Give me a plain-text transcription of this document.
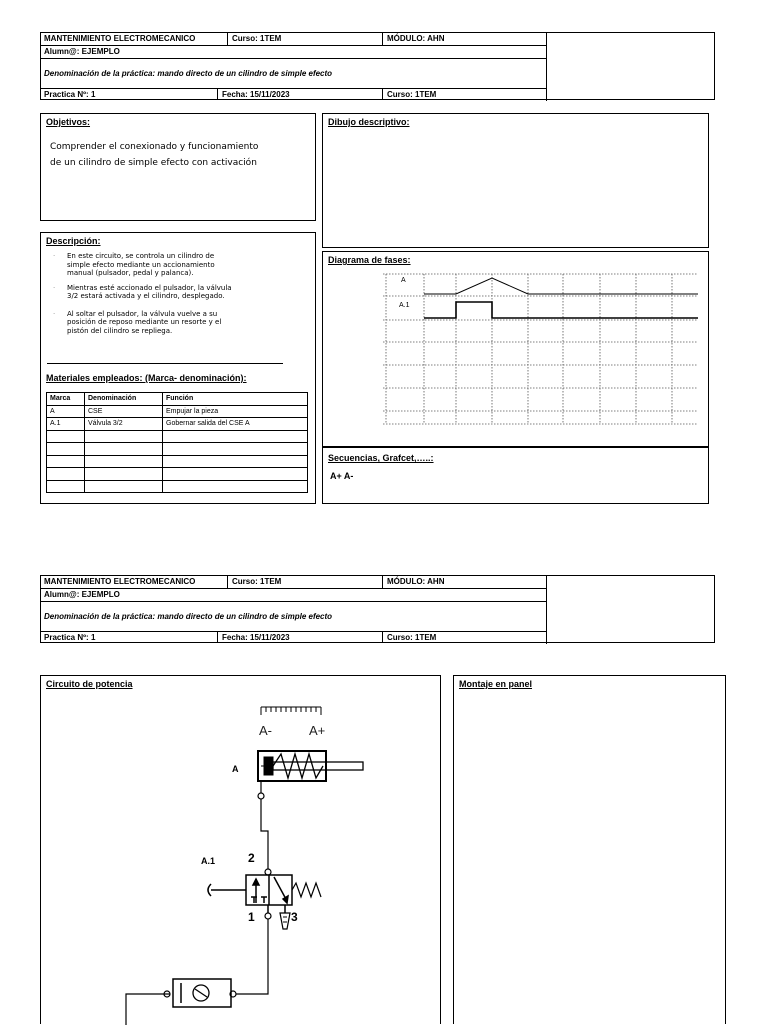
MANTENIMIENTO ELECTROMECANICO	Curso: 1TEM	MÓDULO: AHN
Alumn@: EJEMPLO
Denominación de la práctica: mando directo de un cilindro de simple efecto
Practica Nº: 1	Fecha: 15/11/2023	Curso: 1TEM
Objetivos:
Comprender el conexionado y funcionamiento
de un cilindro de simple efecto con activación
Dibujo descriptivo:
Descripción:
·	En este circuito, se controla un cilindro de
simple efecto mediante un accionamiento
manual (pulsador, pedal y palanca).
·	Mientras esté accionado el pulsador, la válvula
3/2 estará activada y el cilindro, desplegado.
·	Al soltar el pulsador, la válvula vuelve a su
posición de reposo mediante un resorte y el
pistón del cilindro se repliega.
Materiales empleados: (Marca- denominación):
Marca	Denominación	Función
A	CSE	Empujar la pieza
A.1	Válvula 3/2	Gobernar salida del CSE A

Diagrama de fases:
A
A.1
Secuencias, Grafcet,…..:
A+ A-
MANTENIMIENTO ELECTROMECANICO	Curso: 1TEM	MÓDULO: AHN
Alumn@: EJEMPLO
Denominación de la práctica: mando directo de un cilindro de simple efecto
Practica Nº: 1	Fecha: 15/11/2023	Curso: 1TEM
Circuito de potencia
A-	A+
A
A.1	2
1	3
Montaje en panel
